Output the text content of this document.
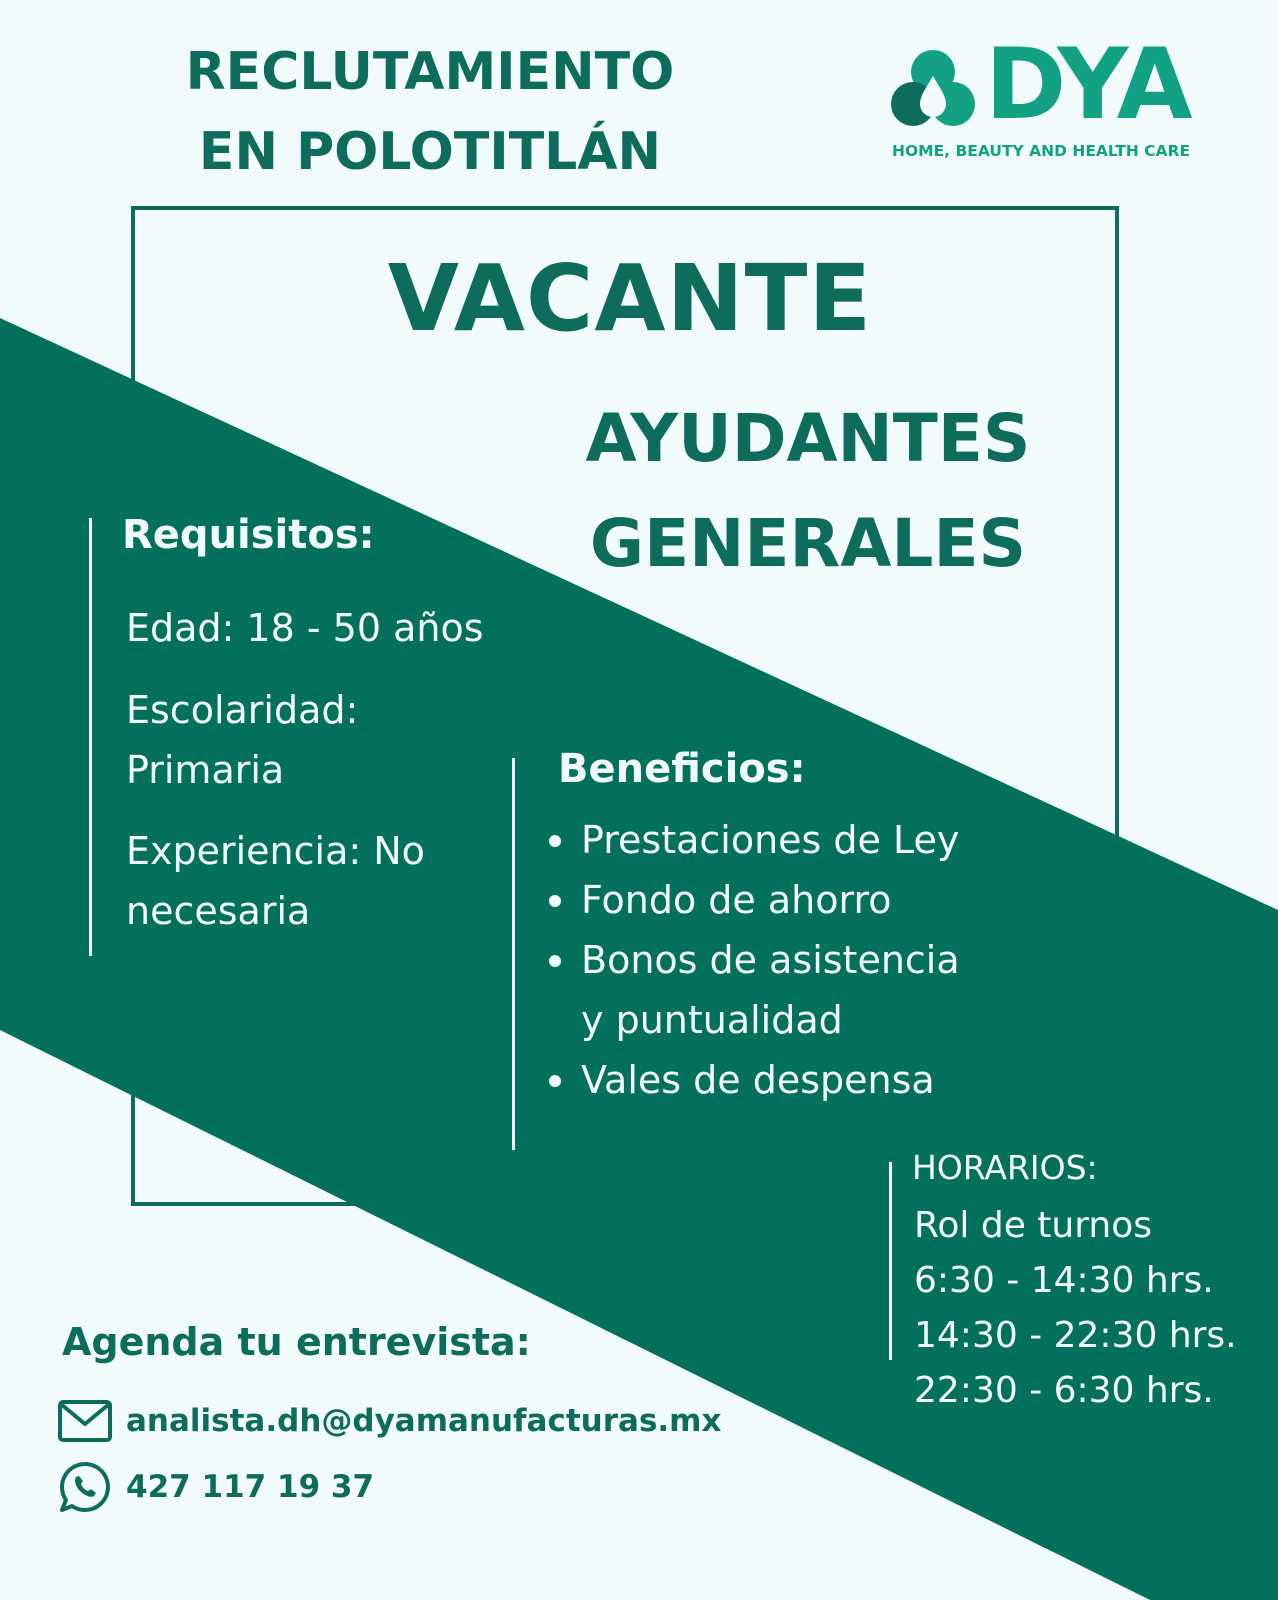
RECLUTAMIENTO
EN POLOTITLÁN
DYA
HOME, BEAUTY AND HEALTH CARE
VACANTE
AYUDANTES
GENERALES
Requisitos:
Edad: 18 - 50 años
Escolaridad:
Primaria
Experiencia: No
necesaria
Beneficios:
Prestaciones de Ley
Fondo de ahorro
Bonos de asistencia
y puntualidad
Vales de despensa
HORARIOS:
Rol de turnos
6:30 - 14:30 hrs.
14:30 - 22:30 hrs.
22:30 - 6:30 hrs.
Agenda tu entrevista:
analista.dh@dyamanufacturas.mx
427 117 19 37
